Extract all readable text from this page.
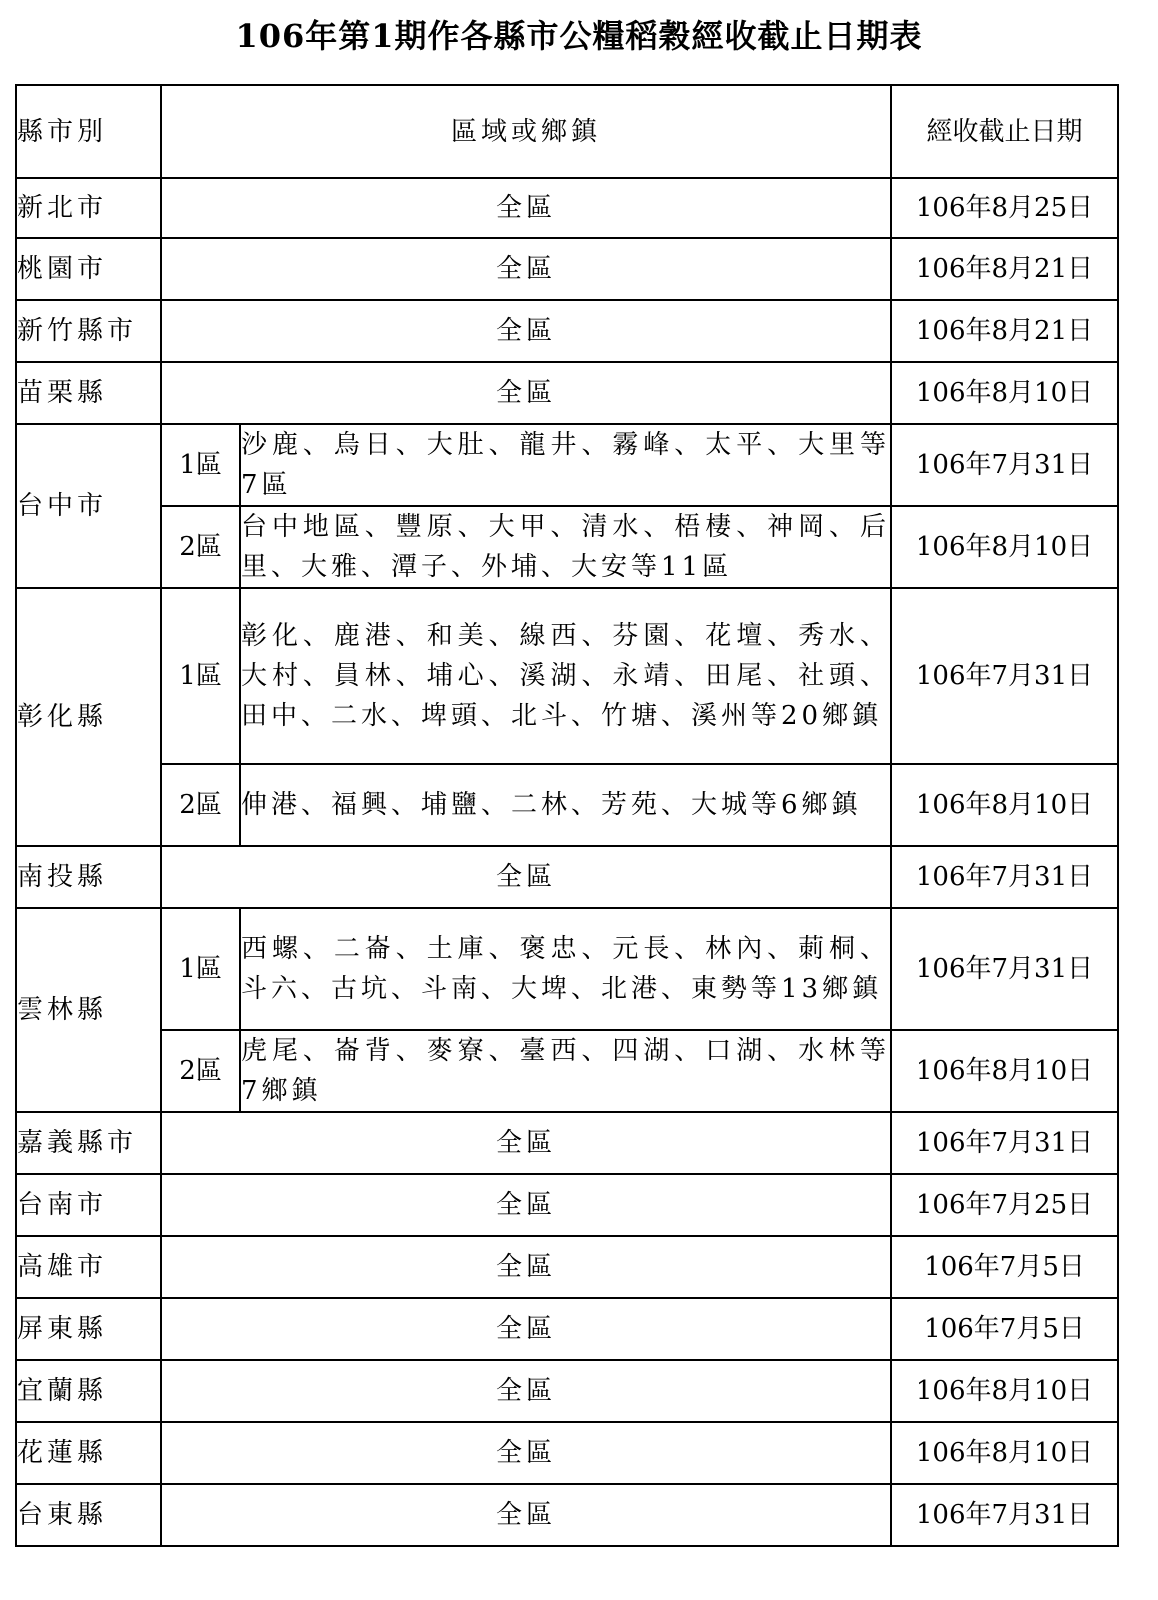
106年第1期作各縣市公糧稻穀經收截止日期表
縣市別	區域或鄉鎮		經收截止日期
新北市	全區		106年8月25日
桃園市	全區		106年8月21日
新竹縣市	全區		106年8月21日
苗栗縣	全區		106年8月10日
台中市	1區	沙鹿、烏日、大肚、龍井、霧峰、太平、大里等7區	106年7月31日
	2區	台中地區、豐原、大甲、清水、梧棲、神岡、后里、大雅、潭子、外埔、大安等11區	106年8月10日
彰化縣	1區	彰化、鹿港、和美、線西、芬園、花壇、秀水、大村、員林、埔心、溪湖、永靖、田尾、社頭、田中、二水、埤頭、北斗、竹塘、溪州等20鄉鎮	106年7月31日
	2區	伸港、福興、埔鹽、二林、芳苑、大城等6鄉鎮	106年8月10日
南投縣	全區		106年7月31日
雲林縣	1區	西螺、二崙、土庫、褒忠、元長、林內、莿桐、斗六、古坑、斗南、大埤、北港、東勢等13鄉鎮	106年7月31日
	2區	虎尾、崙背、麥寮、臺西、四湖、口湖、水林等7鄉鎮	106年8月10日
嘉義縣市	全區		106年7月31日
台南市	全區		106年7月25日
高雄市	全區		106年7月5日
屏東縣	全區		106年7月5日
宜蘭縣	全區		106年8月10日
花蓮縣	全區		106年8月10日
台東縣	全區		106年7月31日
